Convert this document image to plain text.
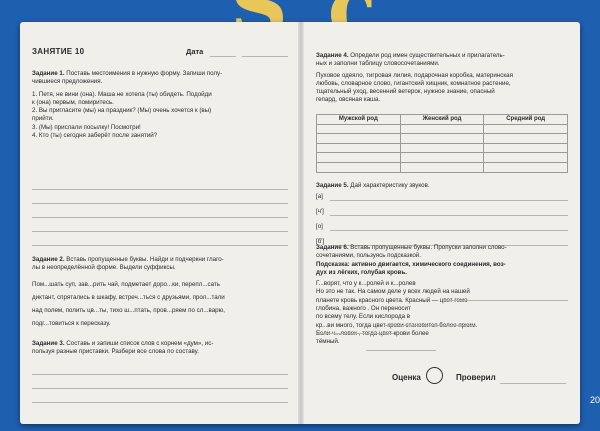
20
ЗАНЯТИЕ 10	Дата

Задание 1. Поставь местоимения в нужную форму. Запиши полу-

чившиеся предложения.

1. Петя, не вини (она). Маша не хотела (ты) обидеть. Подойди

к (она) первым, помиритесь.

2. Вы пригласите (мы) на праздник? (Мы) очень хочется к (вы)

прийти.

3. (Мы) прислали посылку! Посмотри!

4. Кто (ты) сегодня заберёт после занятий?

Задание 2. Вставь пропущенные буквы. Найди и подчеркни глаго-

лы в неопределённой форме. Выдели суффиксы.

Пом...шать суп, зав...рить чай, подметает доро...ки, перепл...сать

диктант, спрятались в шкафу, встреч...ться с друзьями, прол...тали

над полем, полить цв...ты, тихо ш...птать, пров...ряем по сл...варю,

подг...товиться к пересказу.

Задание 3. Составь и запиши список слов с корнем «дум», ис-

пользуя разные приставки. Разбери все слова по составу.

Задание 4. Определи род имен существительных и прилагатель-

ных и заполни таблицу словосочетаниями.

Пуховое одеяло, тигровая лилия, подарочная коробка, материнская

любовь, словарное слово, гигантский хищник, комнатное растение,

тщательный уход, весенний ветерок, нужное знание, опасный

гепард, овсяная каша.

Мужской род	Женский род	Средний род

Задание 5. Дай характеристику звуков.

[а]
[ч']
[о]
[б']

Задание 6. Вставь пропущенные буквы. Пропуски заполни слово-

сочетаниями, пользуясь подсказкой.

Подсказка: активно двигается, химического соединения, воз-

дух из лёгких, голубая кровь.

Г...ворят, что у к...ролей и к...ролев

Но это не так. На самом деле у всех людей на нашей

планете кровь красного цвета. Красный — цвет гемо-

глобина, важного . Он переносит

по всему телу. Если кислорода в

кр...ви много, тогда цвет крови становится более ярким.

Если ч...ловек , тогда цвет крови более

тёмный.

Оценка	Проверил
